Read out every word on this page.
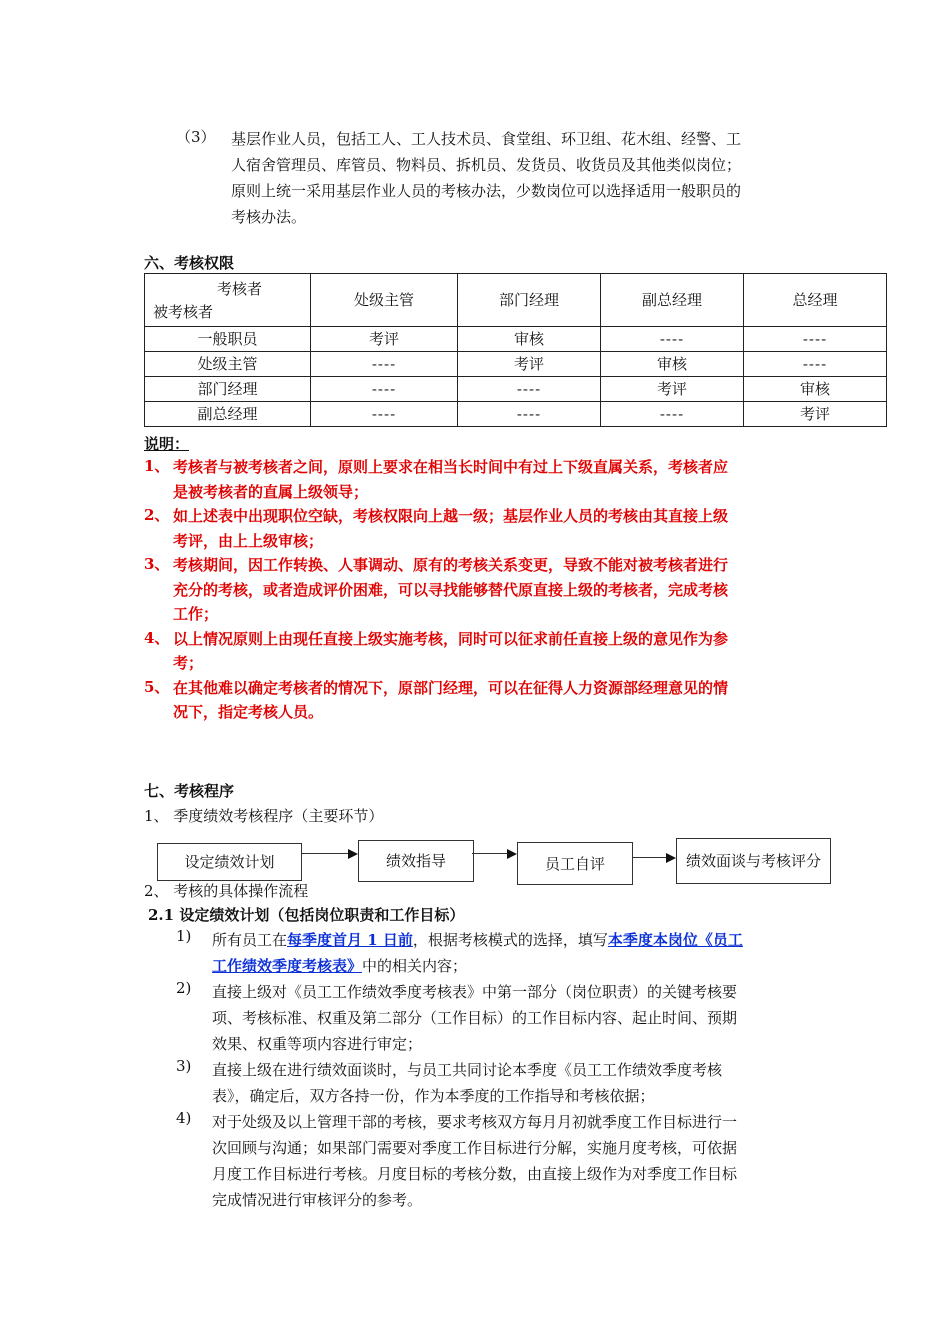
（3） 基层作业人员，包括工人、工人技术员、食堂组、环卫组、花木组、经警、工
人宿舍管理员、库管员、物料员、拆机员、发货员、收货员及其他类似岗位；
原则上统一采用基层作业人员的考核办法，少数岗位可以选择适用一般职员的
考核办法。
六、考核权限
考核者
被考核者	处级主管	部门经理	副总经理	总经理
一般职员	考评	审核	----	----
处级主管	----	考评	审核	----
部门经理	----	----	考评	审核
副总经理	----	----	----	考评
说明：
1、 考核者与被考核者之间，原则上要求在相当长时间中有过上下级直属关系，考核者应
是被考核者的直属上级领导；
2、 如上述表中出现职位空缺，考核权限向上越一级；基层作业人员的考核由其直接上级
考评，由上上级审核；
3、 考核期间，因工作转换、人事调动、原有的考核关系变更，导致不能对被考核者进行
充分的考核，或者造成评价困难，可以寻找能够替代原直接上级的考核者，完成考核
工作；
4、 以上情况原则上由现任直接上级实施考核，同时可以征求前任直接上级的意见作为参
考；
5、 在其他难以确定考核者的情况下，原部门经理，可以在征得人力资源部经理意见的情
况下，指定考核人员。
七、考核程序
1、 季度绩效考核程序（主要环节）
设定绩效计划	绩效指导	员工自评	绩效面谈与考核评分
2、 考核的具体操作流程
2.1 设定绩效计划（包括岗位职责和工作目标）
1) 所有员工在每季度首月 1 日前，根据考核模式的选择，填写本季度本岗位《员工
工作绩效季度考核表》中的相关内容；
2) 直接上级对《员工工作绩效季度考核表》中第一部分（岗位职责）的关键考核要
项、考核标准、权重及第二部分（工作目标）的工作目标内容、起止时间、预期
效果、权重等项内容进行审定；
3) 直接上级在进行绩效面谈时，与员工共同讨论本季度《员工工作绩效季度考核
表》，确定后，双方各持一份，作为本季度的工作指导和考核依据；
4) 对于处级及以上管理干部的考核，要求考核双方每月月初就季度工作目标进行一
次回顾与沟通；如果部门需要对季度工作目标进行分解，实施月度考核，可依据
月度工作目标进行考核。月度目标的考核分数，由直接上级作为对季度工作目标
完成情况进行审核评分的参考。
